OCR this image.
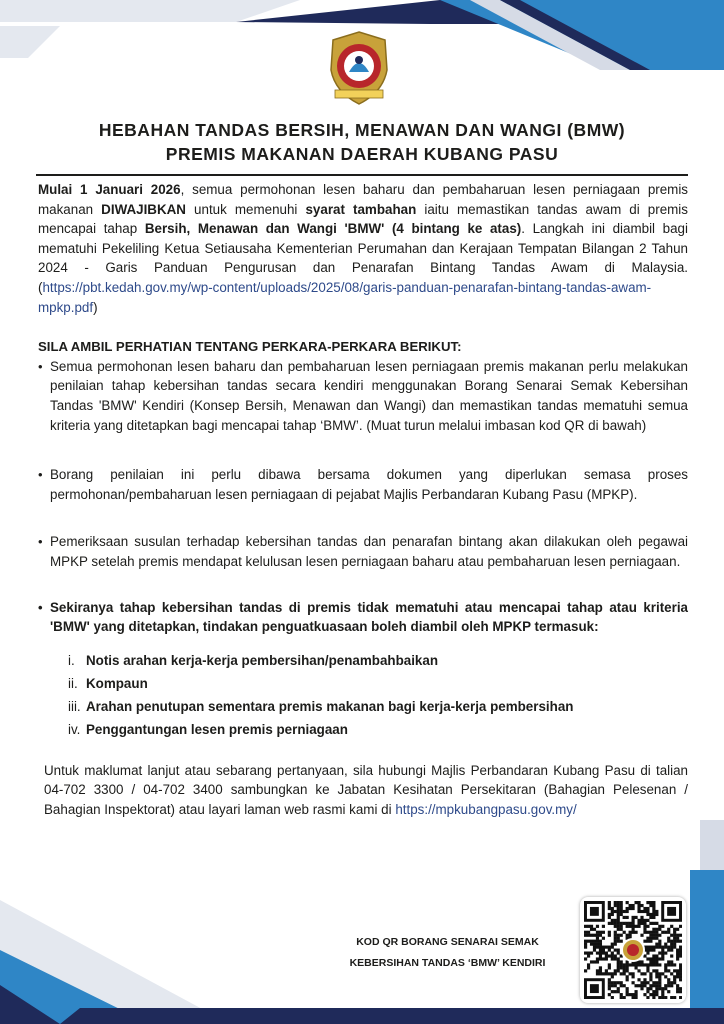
HEBAHAN TANDAS BERSIH, MENAWAN DAN WANGI (BMW)
PREMIS MAKANAN DAERAH KUBANG PASU

Mulai 1 Januari 2026, semua permohonan lesen baharu dan pembaharuan lesen perniagaan premis makanan DIWAJIBKAN untuk memenuhi syarat tambahan iaitu memastikan tandas awam di premis mencapai tahap Bersih, Menawan dan Wangi 'BMW' (4 bintang ke atas). Langkah ini diambil bagi mematuhi Pekeliling Ketua Setiausaha Kementerian Perumahan dan Kerajaan Tempatan Bilangan 2 Tahun 2024 - Garis Panduan Pengurusan dan Penarafan Bintang Tandas Awam di Malaysia. (https://pbt.kedah.gov.my/wp-content/uploads/2025/08/garis-panduan-penarafan-bintang-tandas-awam-mpkp.pdf)

SILA AMBIL PERHATIAN TENTANG PERKARA-PERKARA BERIKUT:
• Semua permohonan lesen baharu dan pembaharuan lesen perniagaan premis makanan perlu melakukan penilaian tahap kebersihan tandas secara kendiri menggunakan Borang Senarai Semak Kebersihan Tandas 'BMW' Kendiri (Konsep Bersih, Menawan dan Wangi) dan memastikan tandas mematuhi semua kriteria yang ditetapkan bagi mencapai tahap ‘BMW’. (Muat turun melalui imbasan kod QR di bawah)
• Borang penilaian ini perlu dibawa bersama dokumen yang diperlukan semasa proses permohonan/pembaharuan lesen perniagaan di pejabat Majlis Perbandaran Kubang Pasu (MPKP).
• Pemeriksaan susulan terhadap kebersihan tandas dan penarafan bintang akan dilakukan oleh pegawai MPKP setelah premis mendapat kelulusan lesen perniagaan baharu atau pembaharuan lesen perniagaan.
• Sekiranya tahap kebersihan tandas di premis tidak mematuhi atau mencapai tahap atau kriteria 'BMW' yang ditetapkan, tindakan penguatkuasaan boleh diambil oleh MPKP termasuk:
i. Notis arahan kerja-kerja pembersihan/penambahbaikan
ii. Kompaun
iii. Arahan penutupan sementara premis makanan bagi kerja-kerja pembersihan
iv. Penggantungan lesen premis perniagaan

Untuk maklumat lanjut atau sebarang pertanyaan, sila hubungi Majlis Perbandaran Kubang Pasu di talian 04-702 3300 / 04-702 3400 sambungkan ke Jabatan Kesihatan Persekitaran (Bahagian Pelesenan / Bahagian Inspektorat) atau layari laman web rasmi kami di https://mpkubangpasu.gov.my/

KOD QR BORANG SENARAI SEMAK
KEBERSIHAN TANDAS ‘BMW’ KENDIRI
